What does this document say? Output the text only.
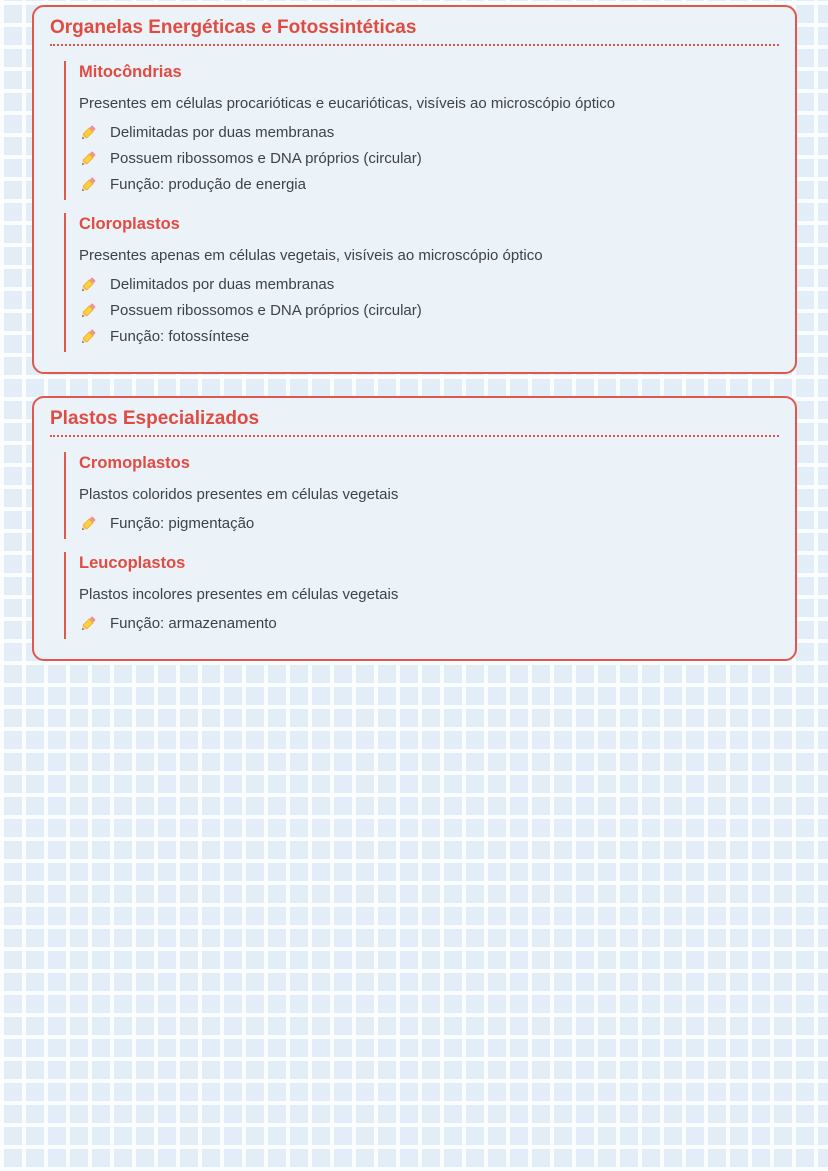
Organelas Energéticas e Fotossintéticas
Mitocôndrias

Presentes em células procarióticas e eucarióticas, visíveis ao microscópio óptico

Delimitadas por duas membranas
Possuem ribossomos e DNA próprios (circular)
Função: produção de energia
Cloroplastos

Presentes apenas em células vegetais, visíveis ao microscópio óptico

Delimitados por duas membranas
Possuem ribossomos e DNA próprios (circular)
Função: fotossíntese
Plastos Especializados
Cromoplastos

Plastos coloridos presentes em células vegetais

Função: pigmentação
Leucoplastos

Plastos incolores presentes em células vegetais

Função: armazenamento
